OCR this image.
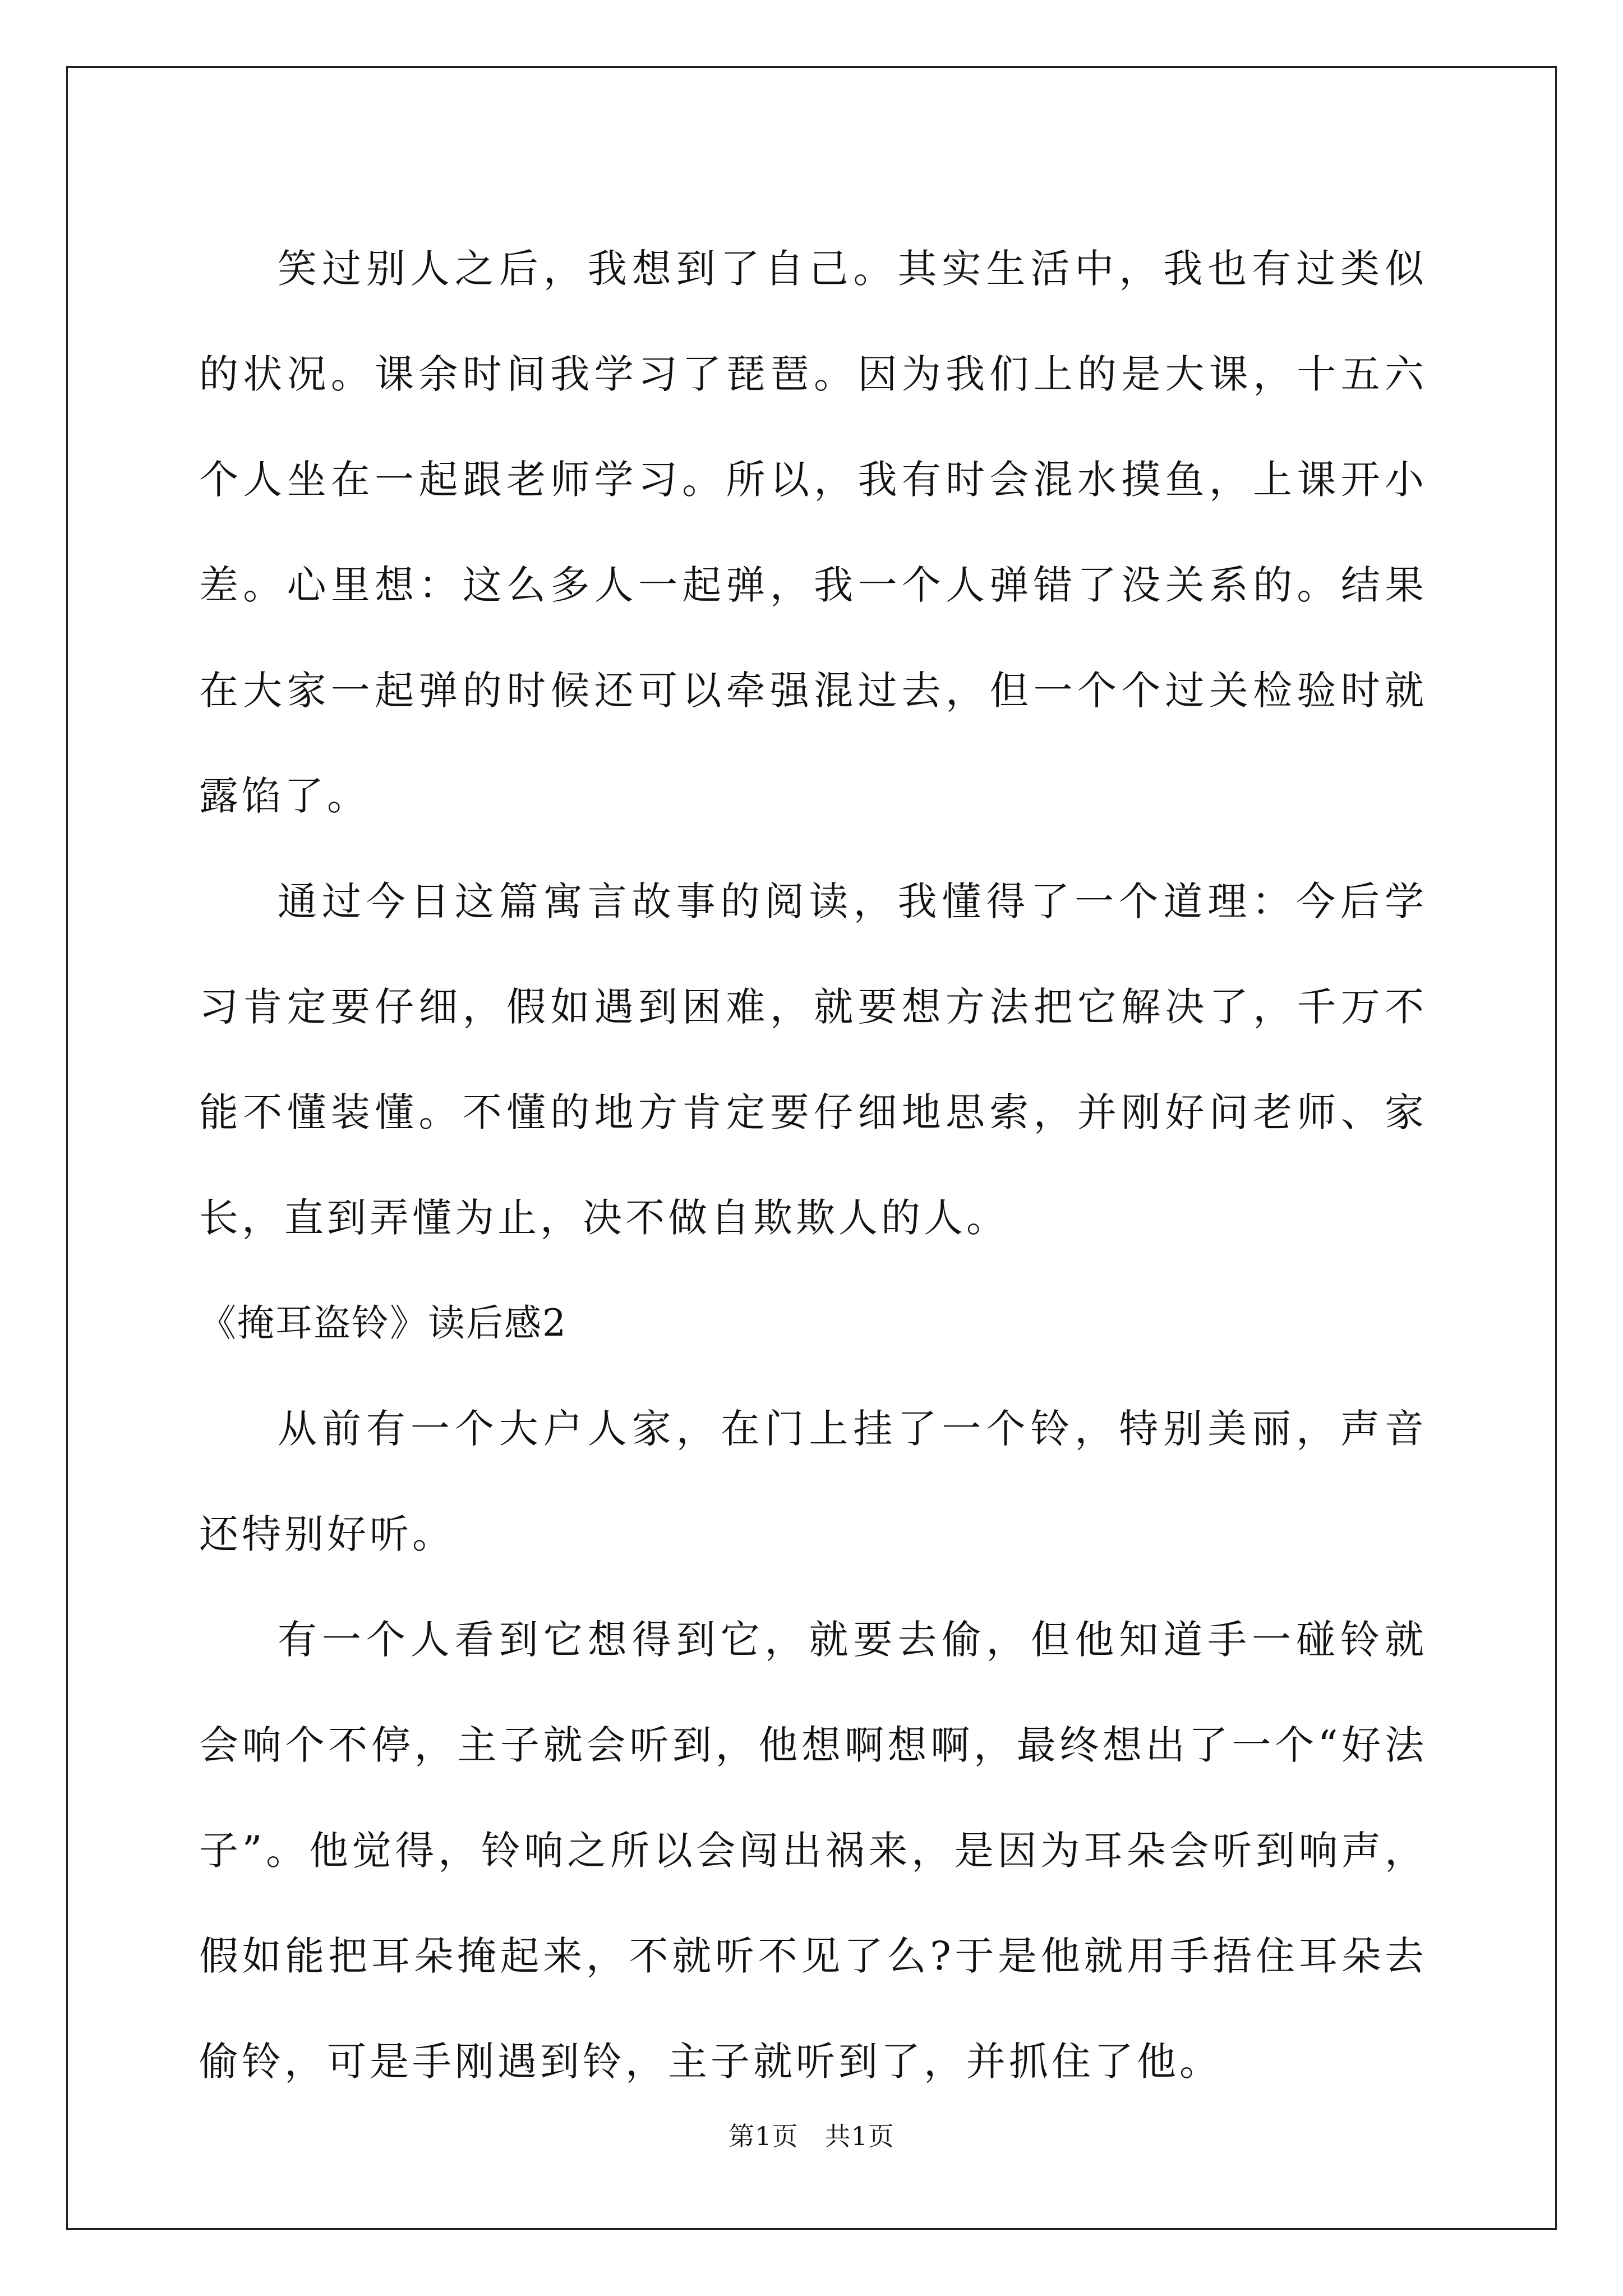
笑过别人之后，我想到了自己。其实生活中，我也有过类似的状况。课余时间我学习了琵琶。因为我们上的是大课，十五六个人坐在一起跟老师学习。所以，我有时会混水摸鱼，上课开小差。心里想：这么多人一起弹，我一个人弹错了没关系的。结果在大家一起弹的时候还可以牵强混过去，但一个个过关检验时就露馅了。

通过今日这篇寓言故事的阅读，我懂得了一个道理：今后学习肯定要仔细，假如遇到困难，就要想方法把它解决了，千万不能不懂装懂。不懂的地方肯定要仔细地思索，并刚好问老师、家长，直到弄懂为止，决不做自欺欺人的人。

《掩耳盗铃》读后感2

从前有一个大户人家，在门上挂了一个铃，特别美丽，声音还特别好听。

有一个人看到它想得到它，就要去偷，但他知道手一碰铃就会响个不停，主子就会听到，他想啊想啊，最终想出了一个“好法子”。他觉得，铃响之所以会闯出祸来，是因为耳朵会听到响声，假如能把耳朵掩起来，不就听不见了么?于是他就用手捂住耳朵去偷铃，可是手刚遇到铃，主子就听到了，并抓住了他。

第1页 共1页
